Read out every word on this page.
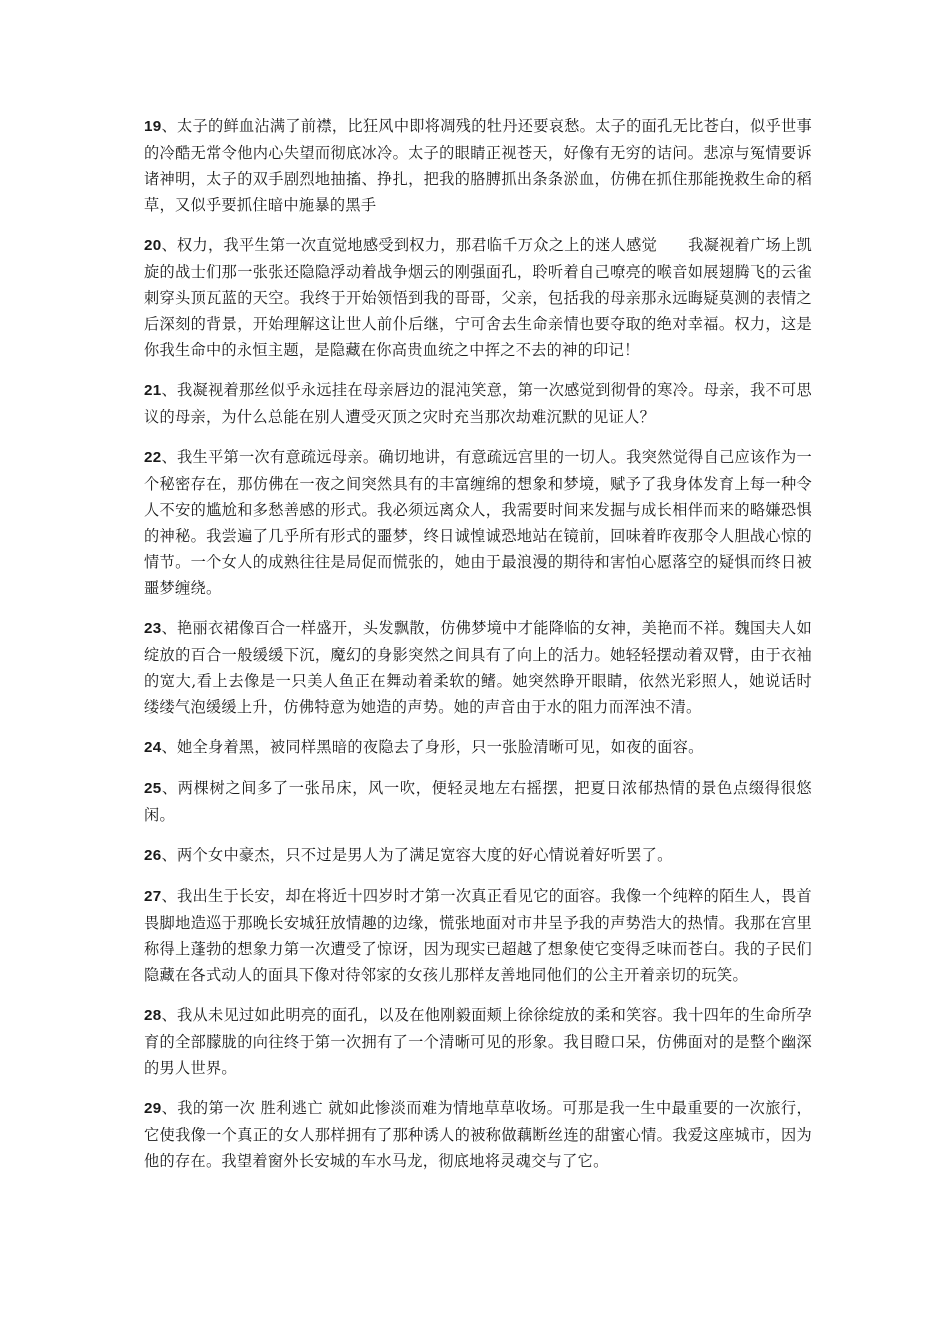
19、太子的鲜血沾满了前襟，比狂风中即将凋残的牡丹还要哀愁。太子的面孔无比苍白，似乎世事的冷酷无常令他内心失望而彻底冰冷。太子的眼睛正视苍天，好像有无穷的诘问。悲凉与冤情要诉诸神明，太子的双手剧烈地抽搐、挣扎，把我的胳膊抓出条条淤血，仿佛在抓住那能挽救生命的稻草，又似乎要抓住暗中施暴的黑手

20、权力，我平生第一次直觉地感受到权力，那君临千万众之上的迷人感觉　　我凝视着广场上凯旋的战士们那一张张还隐隐浮动着战争烟云的刚强面孔，聆听着自己嘹亮的喉音如展翅腾飞的云雀刺穿头顶瓦蓝的天空。我终于开始领悟到我的哥哥，父亲，包括我的母亲那永远晦疑莫测的表情之后深刻的背景，开始理解这让世人前仆后继，宁可舍去生命亲情也要夺取的绝对幸福。权力，这是你我生命中的永恒主题，是隐藏在你高贵血统之中挥之不去的神的印记！

21、我凝视着那丝似乎永远挂在母亲唇边的混沌笑意，第一次感觉到彻骨的寒冷。母亲，我不可思议的母亲，为什么总能在别人遭受灭顶之灾时充当那次劫难沉默的见证人？

22、我生平第一次有意疏远母亲。确切地讲，有意疏远宫里的一切人。我突然觉得自己应该作为一个秘密存在，那仿佛在一夜之间突然具有的丰富缠绵的想象和梦境，赋予了我身体发育上每一种令人不安的尴尬和多愁善感的形式。我必须远离众人，我需要时间来发掘与成长相伴而来的略嫌恐惧的神秘。我尝遍了几乎所有形式的噩梦，终日诚惶诚恐地站在镜前，回味着昨夜那令人胆战心惊的情节。一个女人的成熟往往是局促而慌张的，她由于最浪漫的期待和害怕心愿落空的疑惧而终日被噩梦缠绕。

23、艳丽衣裙像百合一样盛开，头发飘散，仿佛梦境中才能降临的女神，美艳而不祥。魏国夫人如绽放的百合一般缓缓下沉，魔幻的身影突然之间具有了向上的活力。她轻轻摆动着双臂，由于衣袖的宽大,看上去像是一只美人鱼正在舞动着柔软的鳍。她突然睁开眼睛，依然光彩照人，她说话时缕缕气泡缓缓上升，仿佛特意为她造的声势。她的声音由于水的阻力而浑浊不清。

24、她全身着黑，被同样黑暗的夜隐去了身形，只一张脸清晰可见，如夜的面容。

25、两棵树之间多了一张吊床，风一吹，便轻灵地左右摇摆，把夏日浓郁热情的景色点缀得很悠闲。

26、两个女中豪杰，只不过是男人为了满足宽容大度的好心情说着好听罢了。

27、我出生于长安，却在将近十四岁时才第一次真正看见它的面容。我像一个纯粹的陌生人，畏首畏脚地造巡于那晚长安城狂放情趣的边缘，慌张地面对市井呈予我的声势浩大的热情。我那在宫里称得上蓬勃的想象力第一次遭受了惊讶，因为现实已超越了想象使它变得乏味而苍白。我的子民们隐藏在各式动人的面具下像对待邻家的女孩儿那样友善地同他们的公主开着亲切的玩笑。

28、我从未见过如此明亮的面孔，以及在他刚毅面颊上徐徐绽放的柔和笑容。我十四年的生命所孕育的全部朦胧的向往终于第一次拥有了一个清晰可见的形象。我目瞪口呆，仿佛面对的是整个幽深的男人世界。

29、我的第一次 胜利逃亡 就如此惨淡而难为情地草草收场。可那是我一生中最重要的一次旅行，它使我像一个真正的女人那样拥有了那种诱人的被称做藕断丝连的甜蜜心情。我爱这座城市，因为他的存在。我望着窗外长安城的车水马龙，彻底地将灵魂交与了它。
